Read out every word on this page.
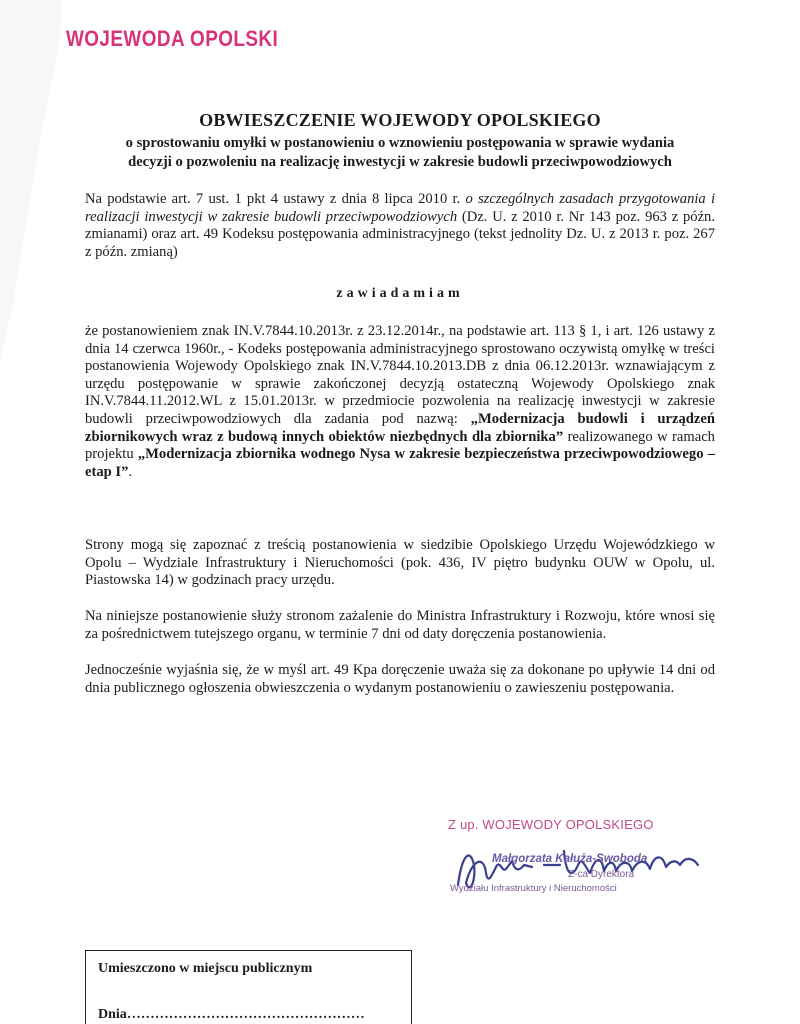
WOJEWODA OPOLSKI
OBWIESZCZENIE WOJEWODY OPOLSKIEGO
o sprostowaniu omyłki w postanowieniu o wznowieniu postępowania w sprawie wydania
decyzji o pozwoleniu na realizację inwestycji w zakresie budowli przeciwpowodziowych
Na podstawie art. 7 ust. 1 pkt 4 ustawy z dnia 8 lipca 2010 r. o szczególnych zasadach przygotowania i realizacji inwestycji w zakresie budowli przeciwpowodziowych (Dz. U. z 2010 r. Nr 143 poz. 963 z późn. zmianami) oraz art. 49 Kodeksu postępowania administracyjnego (tekst jednolity Dz. U. z 2013 r. poz. 267 z późn. zmianą)
zawiadamiam
że postanowieniem znak IN.V.7844.10.2013r. z 23.12.2014r., na podstawie art. 113 § 1, i art. 126 ustawy z dnia 14 czerwca 1960r., - Kodeks postępowania administracyjnego sprostowano oczywistą omyłkę w treści postanowienia Wojewody Opolskiego znak IN.V.7844.10.2013.DB z dnia 06.12.2013r. wznawiającym z urzędu postępowanie w sprawie zakończonej decyzją ostateczną Wojewody Opolskiego znak IN.V.7844.11.2012.WL z 15.01.2013r. w przedmiocie pozwolenia na realizację inwestycji w zakresie budowli przeciwpowodziowych dla zadania pod nazwą: „Modernizacja budowli i urządzeń zbiornikowych wraz z budową innych obiektów niezbędnych dla zbiornika” realizowanego w ramach projektu „Modernizacja zbiornika wodnego Nysa w zakresie bezpieczeństwa przeciwpowodziowego – etap I”.
Strony mogą się zapoznać z treścią postanowienia w siedzibie Opolskiego Urzędu Wojewódzkiego w Opolu – Wydziale Infrastruktury i Nieruchomości (pok. 436, IV piętro budynku OUW w Opolu, ul. Piastowska 14) w godzinach pracy urzędu.
Na niniejsze postanowienie służy stronom zażalenie do Ministra Infrastruktury i Rozwoju, które wnosi się za pośrednictwem tutejszego organu, w terminie 7 dni od daty doręczenia postanowienia.
Jednocześnie wyjaśnia się, że w myśl art. 49 Kpa doręczenie uważa się za dokonane po upływie 14 dni od dnia publicznego ogłoszenia obwieszczenia o wydanym postanowieniu o zawieszeniu postępowania.
Z up. WOJEWODY OPOLSKIEGO
Małgorzata Kałuża-Swoboda
Z-ca Dyrektora
Wydziału Infrastruktury i Nieruchomości
Umieszczono w miejscu publicznym
Dnia……………………………………………
